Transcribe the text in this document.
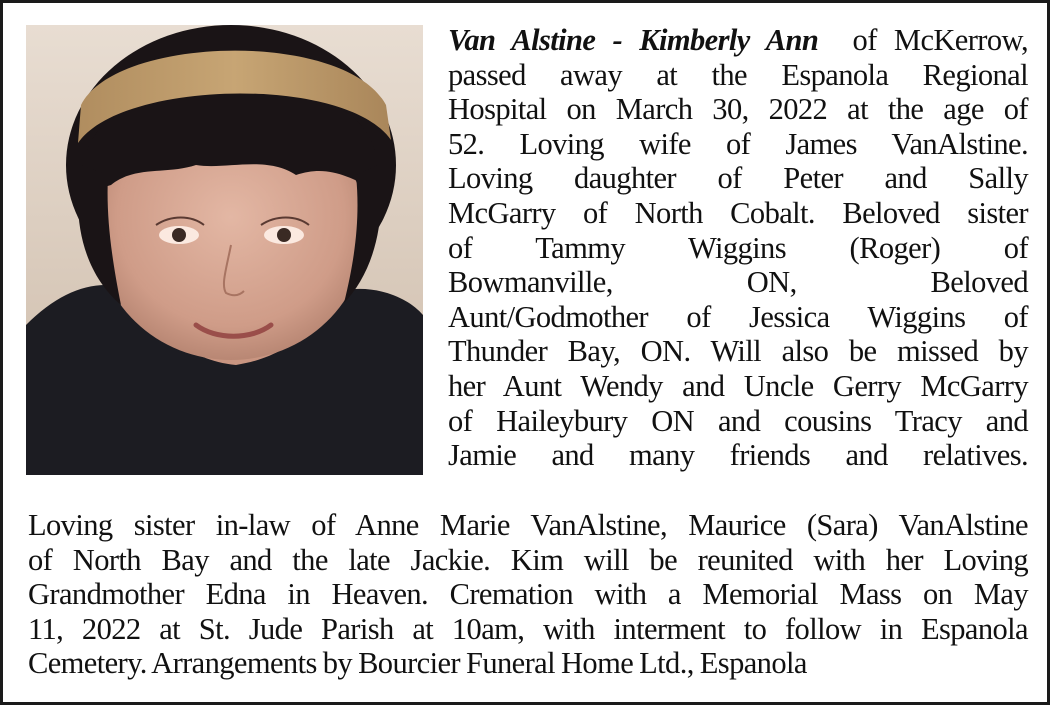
Van Alstine - Kimberly Ann of McKerrow,
passed away at the Espanola Regional
Hospital on March 30, 2022 at the age of
52. Loving wife of James VanAlstine.
Loving daughter of Peter and Sally
McGarry of North Cobalt. Beloved sister
of Tammy Wiggins (Roger) of
Bowmanville, ON, Beloved
Aunt/Godmother of Jessica Wiggins of
Thunder Bay, ON. Will also be missed by
her Aunt Wendy and Uncle Gerry McGarry
of Haileybury ON and cousins Tracy and
Jamie and many friends and relatives.
Loving sister in-law of Anne Marie VanAlstine, Maurice (Sara) VanAlstine
of North Bay and the late Jackie. Kim will be reunited with her Loving
Grandmother Edna in Heaven. Cremation with a Memorial Mass on May
11, 2022 at St. Jude Parish at 10am, with interment to follow in Espanola
Cemetery. Arrangements by Bourcier Funeral Home Ltd., Espanola
